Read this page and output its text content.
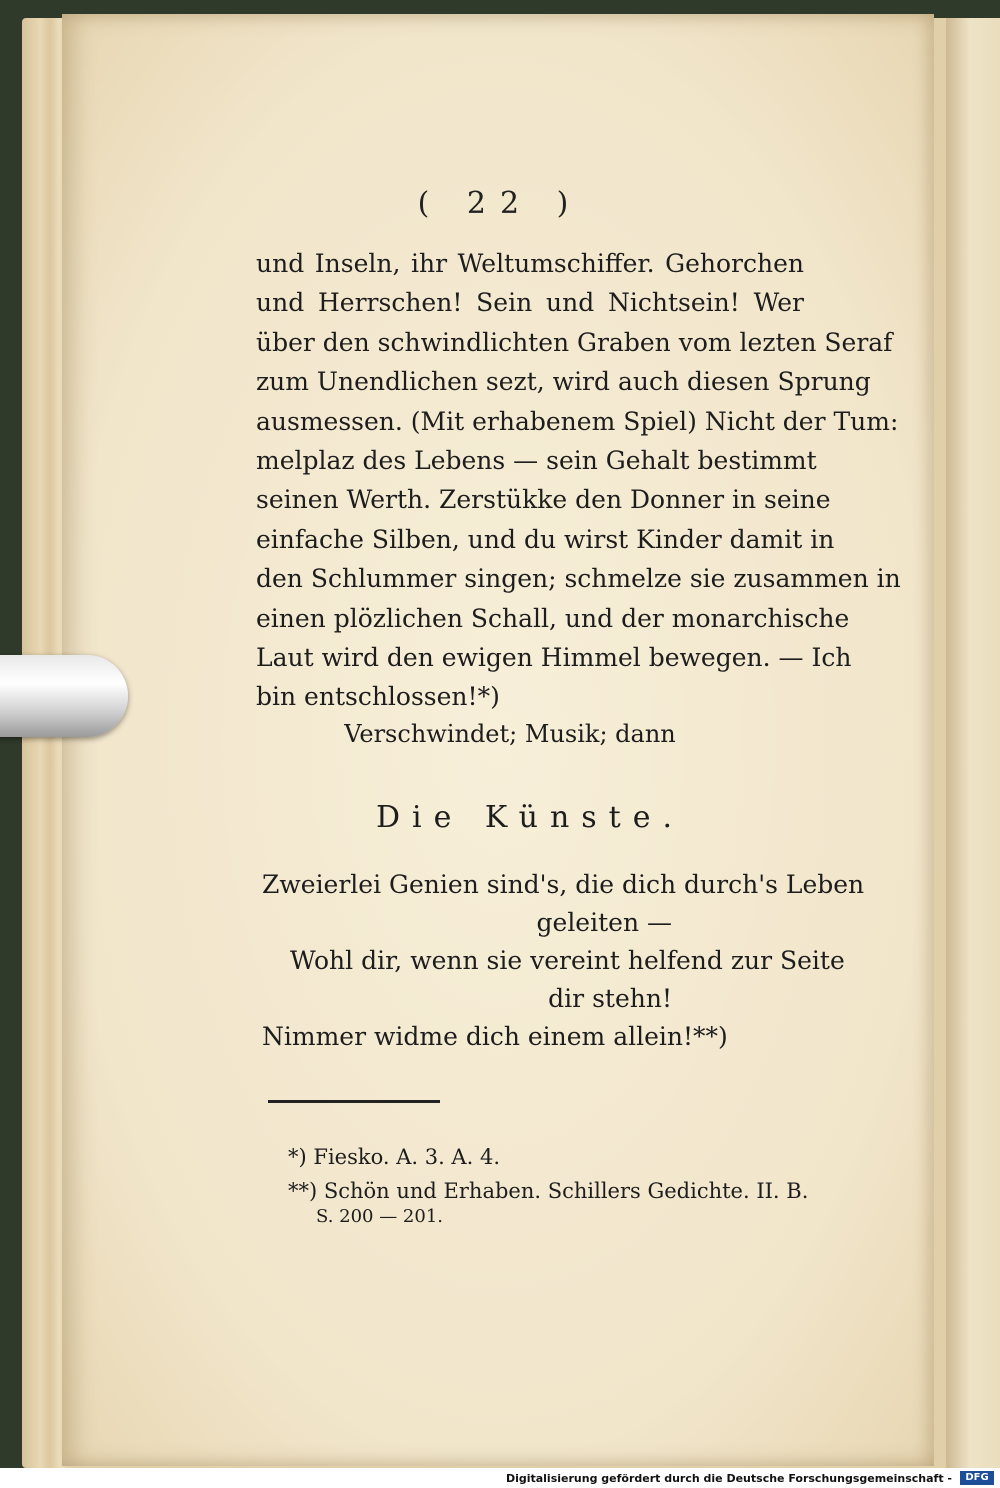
( 22 )
und Inseln, ihr Weltumschiffer. Gehorchen
und Herrschen! Sein und Nichtsein! Wer
über den schwindlichten Graben vom lezten Seraf
zum Unendlichen sezt, wird auch diesen Sprung
ausmessen. (Mit erhabenem Spiel) Nicht der Tum:
melplaz des Lebens — sein Gehalt bestimmt
seinen Werth. Zerstükke den Donner in seine
einfache Silben, und du wirst Kinder damit in
den Schlummer singen; schmelze sie zusammen in
einen plözlichen Schall, und der monarchische
Laut wird den ewigen Himmel bewegen. — Ich
bin entschlossen!*)
Verschwindet; Musik; dann
Die Künste.
Zweierlei Genien sind's, die dich durch's Leben
geleiten —
Wohl dir, wenn sie vereint helfend zur Seite
dir stehn!
Nimmer widme dich einem allein!**)
*) Fiesko. A. 3. A. 4.
**) Schön und Erhaben. Schillers Gedichte. II. B.
S. 200 — 201.
Digitalisierung gefördert durch die Deutsche Forschungsgemeinschaft -	DFG
